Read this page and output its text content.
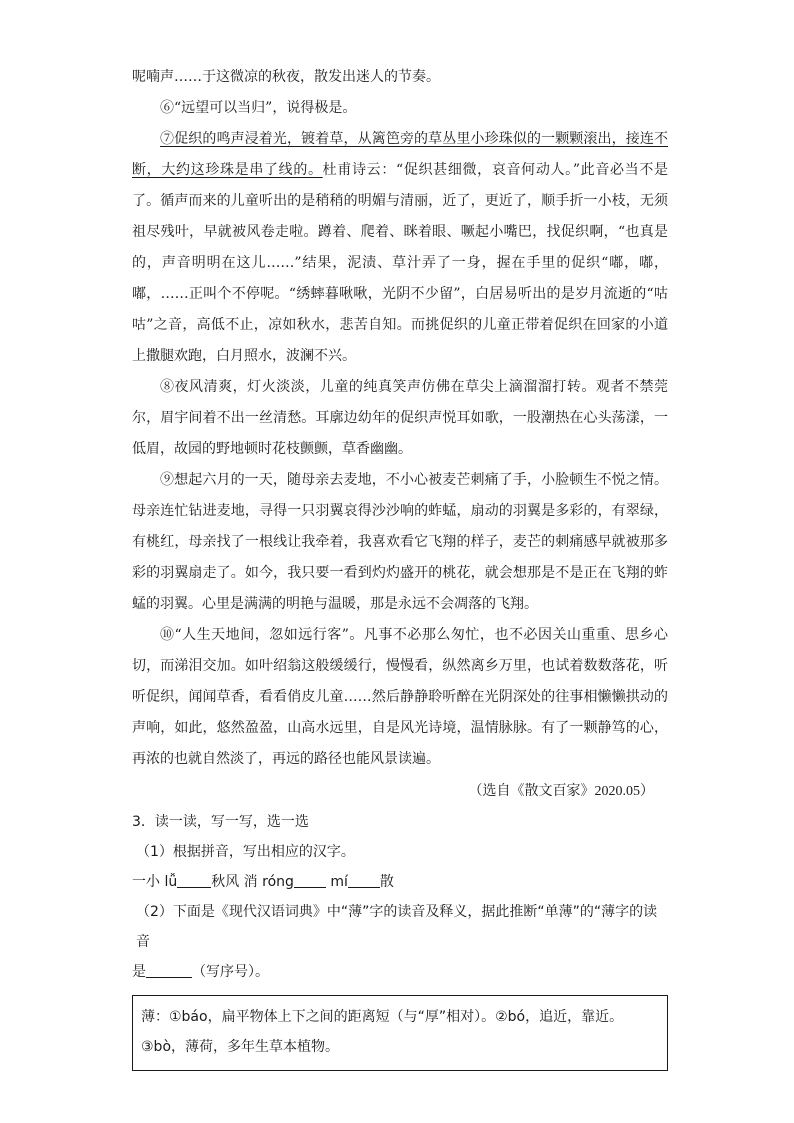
呢喃声……于这微凉的秋夜，散发出迷人的节奏。

⑥“远望可以当归”，说得极是。

⑦促织的鸣声浸着光，镀着草，从篱笆旁的草丛里小珍珠似的一颗颗滚出，接连不断，大约这珍珠是串了线的。杜甫诗云：“促织甚细微，哀音何动人。”此音必当不是了。循声而来的儿童听出的是稍稍的明媚与清丽，近了，更近了，顺手折一小枝，无须祖尽残叶，早就被风卷走啦。蹲着、爬着、眯着眼、噘起小嘴巴，找促织啊，“也真是的，声音明明在这儿……”结果，泥渍、草汁弄了一身，握在手里的促织“嘟，嘟，嘟，……正叫个不停呢。“绣蟀暮啾啾，光阴不少留”，白居易听出的是岁月流逝的“咕咕”之音，高低不止，凉如秋水，悲苦自知。而挑促织的儿童正带着促织在回家的小道上撒腿欢跑，白月照水，波澜不兴。

⑧夜风清爽，灯火淡淡，儿童的纯真笑声仿佛在草尖上滴溜溜打转。观者不禁莞尔，眉宇间着不出一丝清愁。耳廓边幼年的促织声悦耳如歌，一股潮热在心头荡漾，一低眉，故园的野地顿时花枝颤颤，草香幽幽。

⑨想起六月的一天，随母亲去麦地，不小心被麦芒刺痛了手，小脸顿生不悦之情。母亲连忙钻进麦地，寻得一只羽翼哀得沙沙响的蚱蜢，扇动的羽翼是多彩的，有翠绿，有桃红，母亲找了一根线让我牵着，我喜欢看它飞翔的样子，麦芒的刺痛感早就被那多彩的羽翼扇走了。如今，我只要一看到灼灼盛开的桃花，就会想那是不是正在飞翔的蚱蜢的羽翼。心里是满满的明艳与温暖，那是永远不会凋落的飞翔。

⑩“人生天地间，忽如远行客”。凡事不必那么匆忙，也不必因关山重重、思乡心切，而涕泪交加。如叶绍翁这般缓缓行，慢慢看，纵然离乡万里，也试着数数落花，听听促织，闻闻草香，看看俏皮儿童……然后静静聆听醉在光阴深处的往事相懒懒拱动的声响，如此，悠然盈盈，山高水远里，自是风光诗境，温情脉脉。有了一颗静笃的心，再浓的也就自然淡了，再远的路径也能风景读遍。

（选自《散文百家》2020.05）

3．读一读，写一写，选一选

（1）根据拼音，写出相应的汉字。

一小 lǚ 秋风 消 róng	mí 散

（2）下面是《现代汉语词典》中“薄”字的读音及释义，据此推断“单薄”的“薄字的读音

是	（写序号）。

薄：①báo，扁平物体上下之间的距离短（与“厚”相对）。②bó，追近，靠近。③bò，薄荷，多年生草本植物。
